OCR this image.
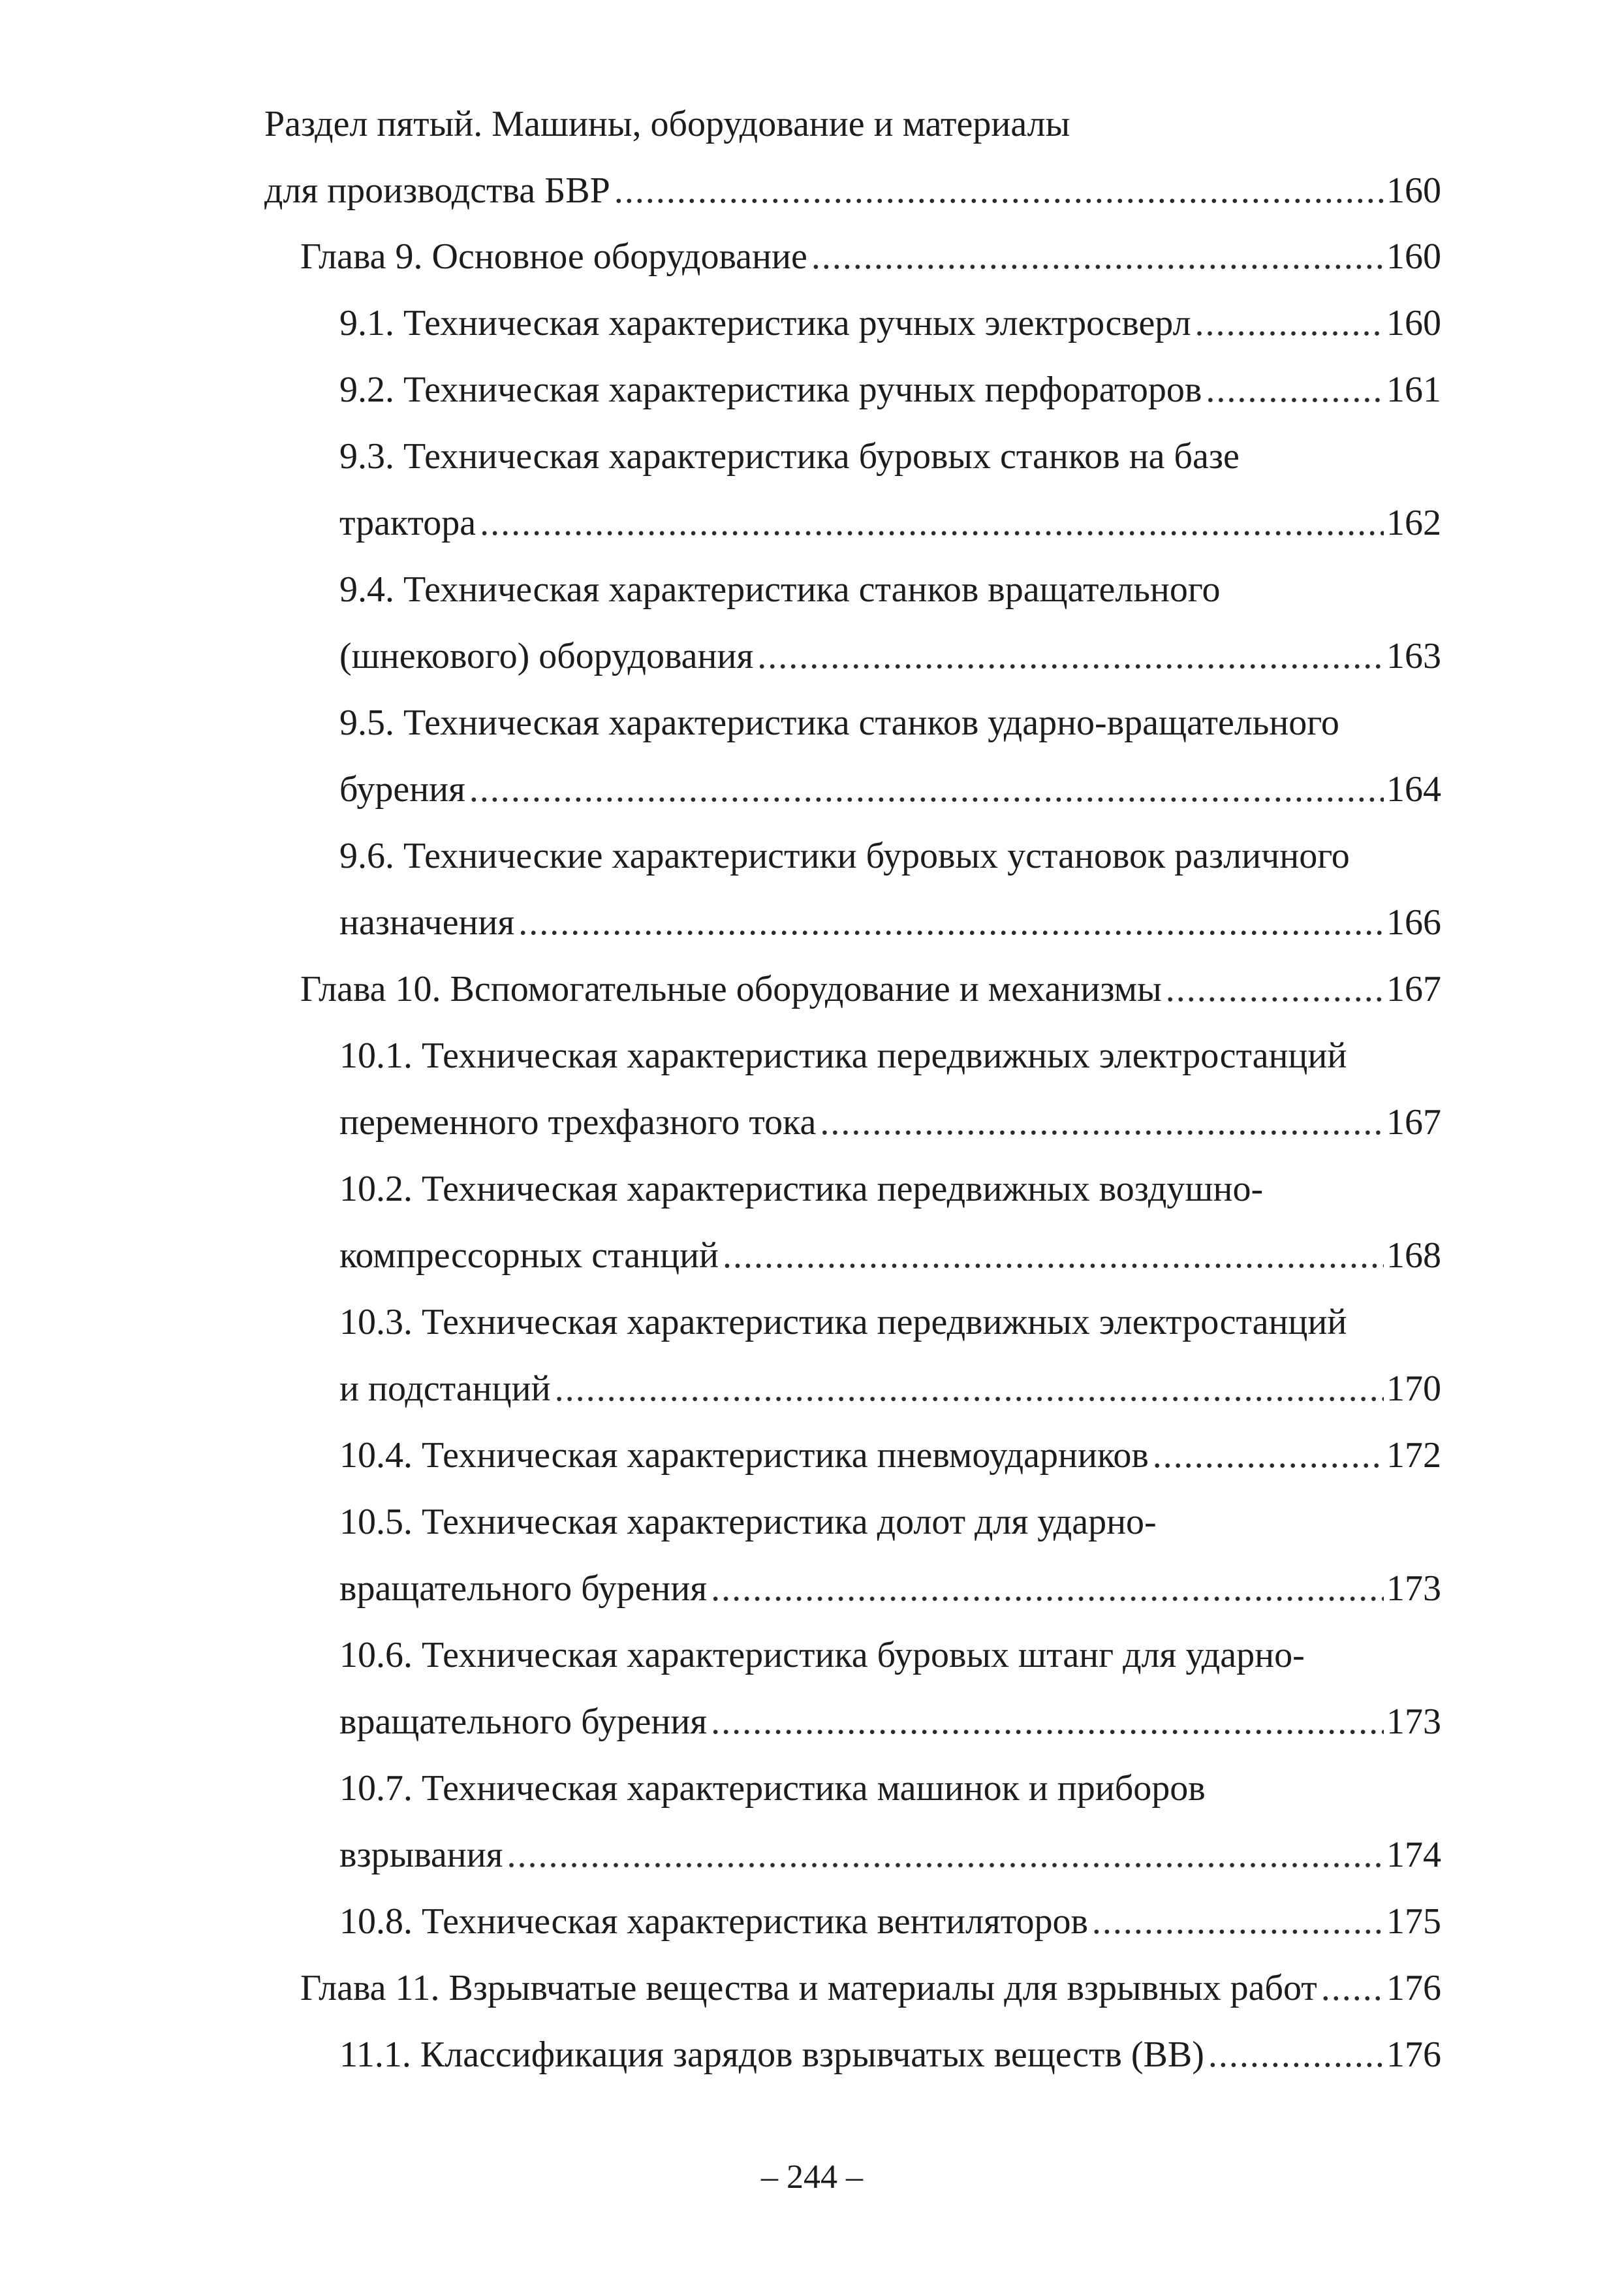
Раздел пятый. Машины, оборудование и материалы
для производства БВР .....	160
Глава 9. Основное оборудование .....	160
9.1. Техническая характеристика ручных электросверл .....	160
9.2. Техническая характеристика ручных перфораторов .....	161
9.3. Техническая характеристика буровых станков на базе
трактора .....	162
9.4. Техническая характеристика станков вращательного
(шнекового) оборудования .....	163
9.5. Техническая характеристика станков ударно-вращательного
бурения .....	164
9.6. Технические характеристики буровых установок различного
назначения .....	166
Глава 10. Вспомогательные оборудование и механизмы .....	167
10.1. Техническая характеристика передвижных электростанций
переменного трехфазного тока .....	167
10.2. Техническая характеристика передвижных воздушно-
компрессорных станций .....	168
10.3. Техническая характеристика передвижных электростанций
и подстанций .....	170
10.4. Техническая характеристика пневмоударников .....	172
10.5. Техническая характеристика долот для ударно-
вращательного бурения .....	173
10.6. Техническая характеристика буровых штанг для ударно-
вращательного бурения .....	173
10.7. Техническая характеристика машинок и приборов
взрывания .....	174
10.8. Техническая характеристика вентиляторов .....	175
Глава 11. Взрывчатые вещества и материалы для взрывных работ ..... 176
11.1. Классификация зарядов взрывчатых веществ (ВВ) .....	176
– 244 –
